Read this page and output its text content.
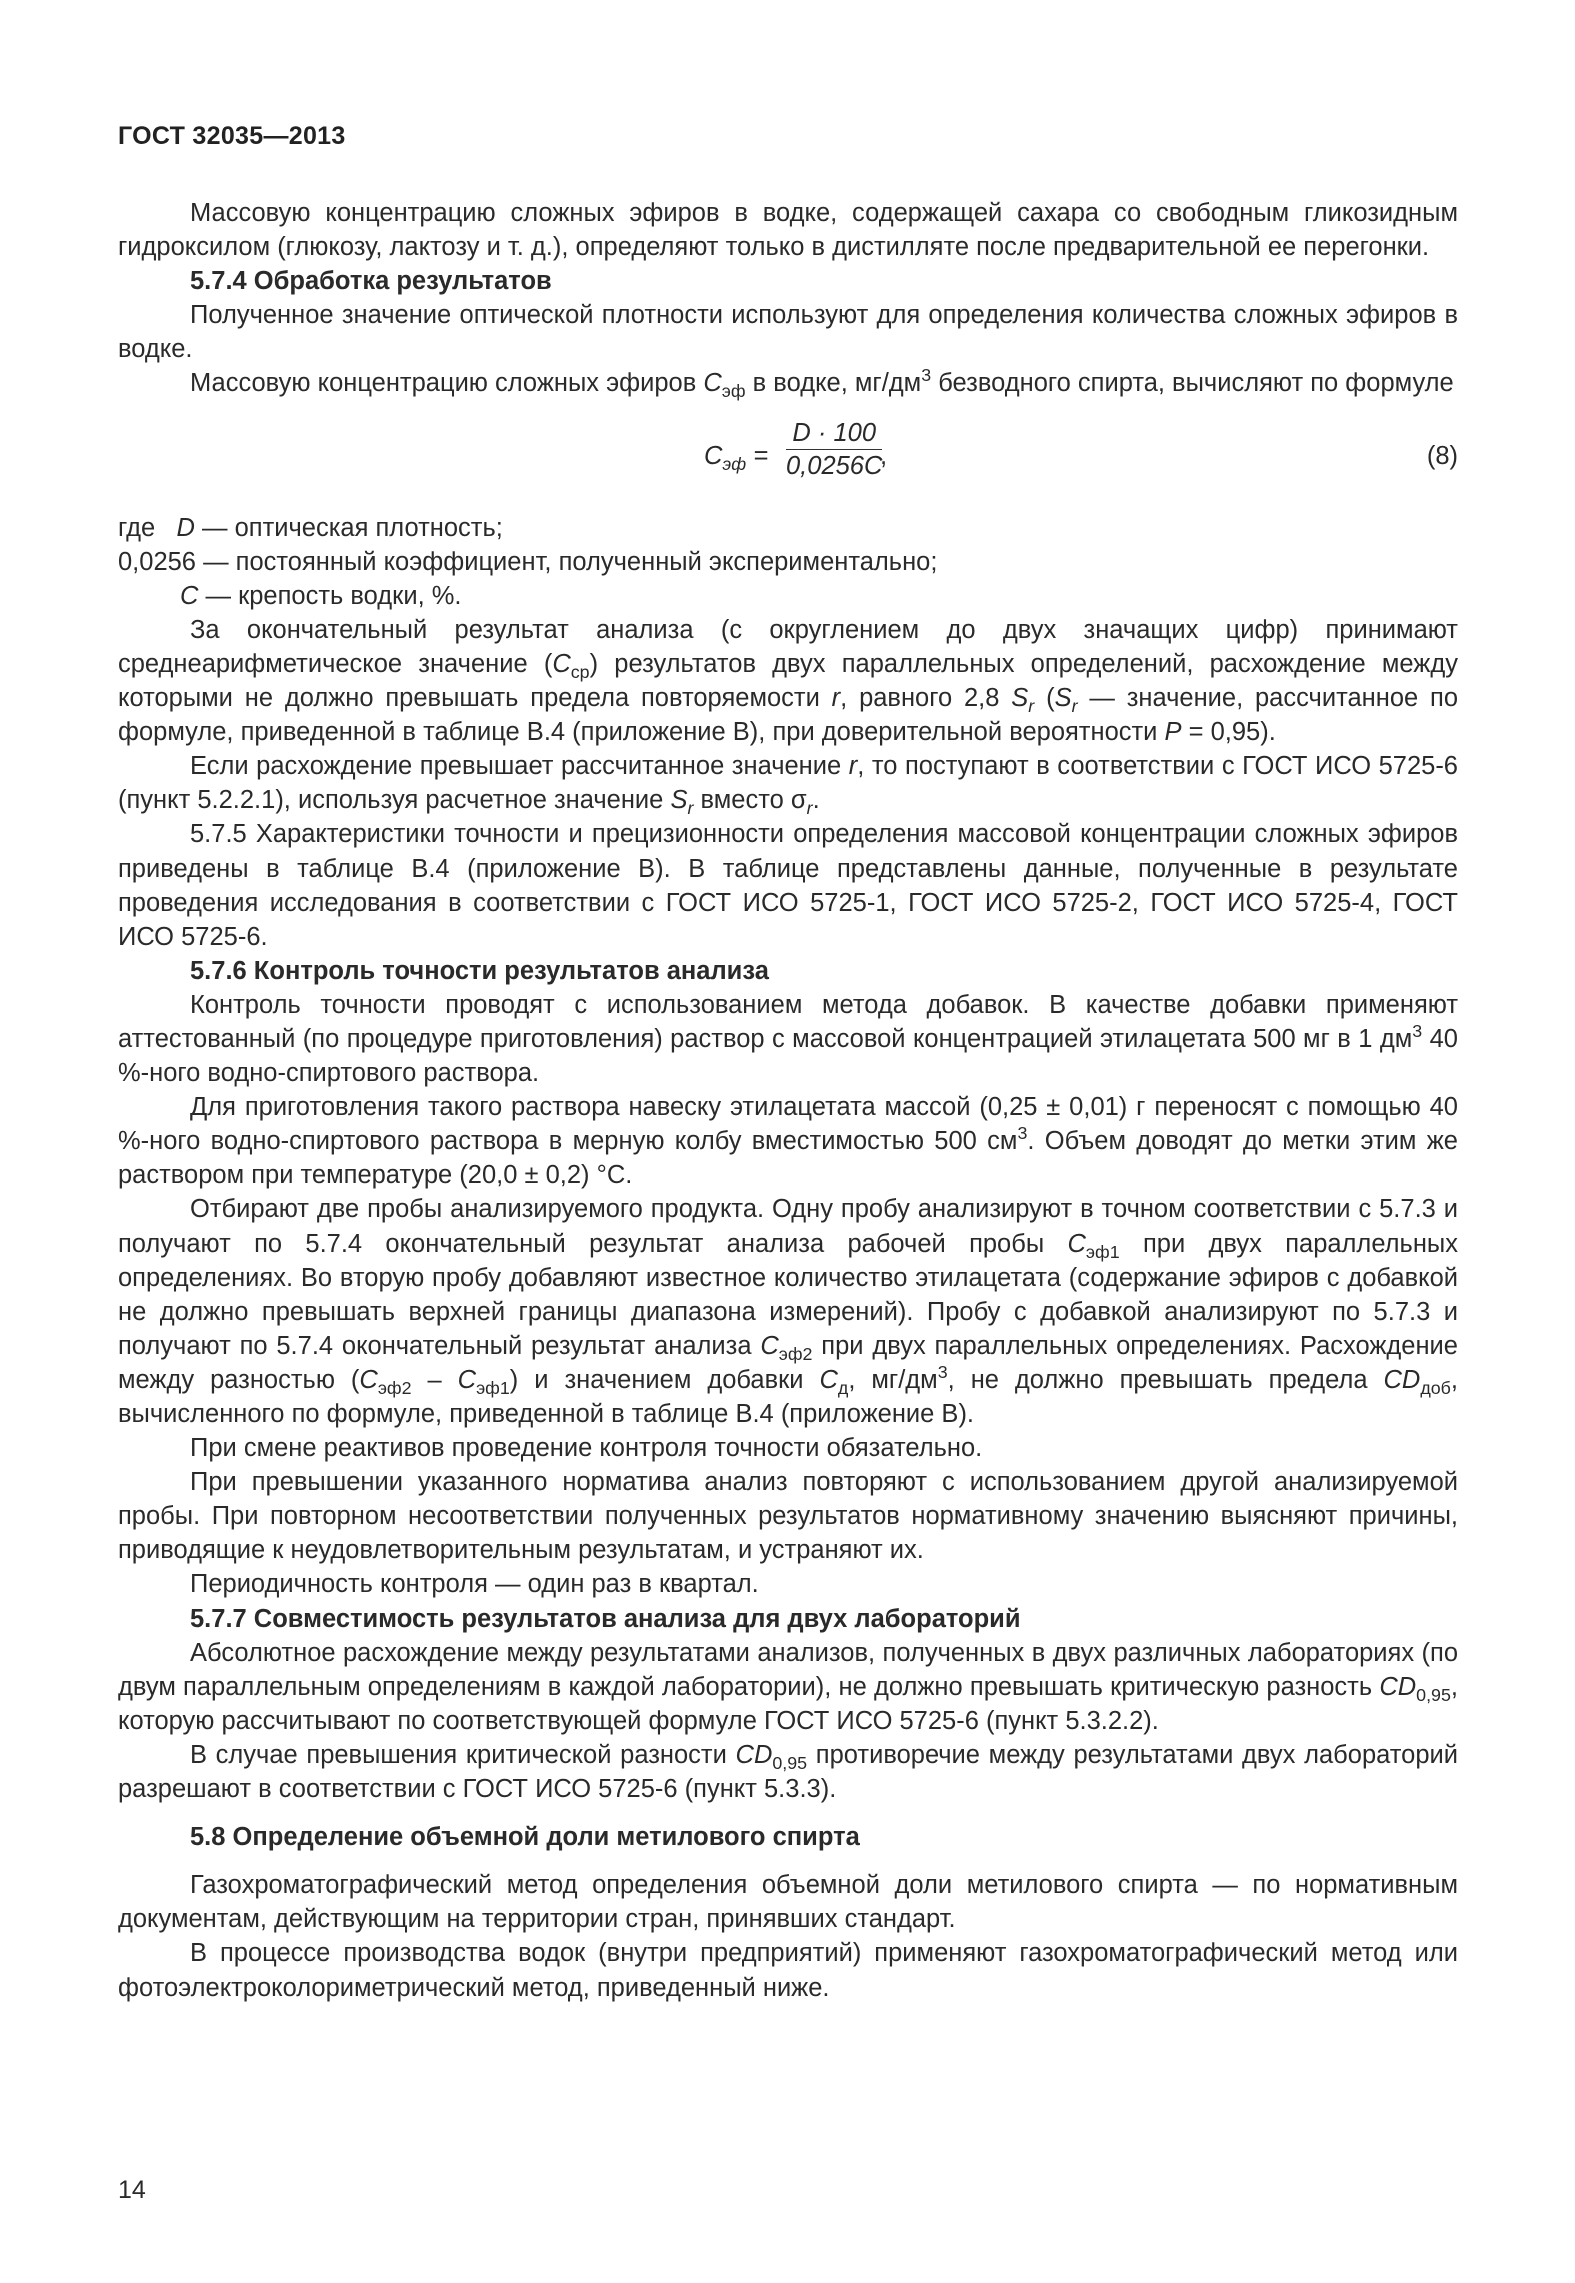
ГОСТ 32035—2013

Массовую концентрацию сложных эфиров в водке, содержащей сахара со свободным гликозидным гидроксилом (глюкозу, лактозу и т. д.), определяют только в дистилляте после предварительной ее перегонки.

5.7.4 Обработка результатов

Полученное значение оптической плотности используют для определения количества сложных эфиров в водке.

Массовую концентрацию сложных эфиров $C_{эф}$ в водке, $мг/дм^3$ безводного спирта, вычисляют по формуле

$C_{эф} = \frac{D \cdot 100}{0,0256C}$
,	(8)

где D — оптическая плотность;

0,0256 — постоянный коэффициент, полученный экспериментально;

C — крепость водки, %.

За окончательный результат анализа (с округлением до двух значащих цифр) принимают среднеарифметическое значение $(C_{ср})$ результатов двух параллельных определений, расхождение между которыми не должно превышать предела повторяемости r, равного 2,8 $S_r$ ($S_r$ — значение, рассчитанное по формуле, приведенной в таблице В.4 (приложение В), при доверительной вероятности P = 0,95).

Если расхождение превышает рассчитанное значение r, то поступают в соответствии с ГОСТ ИСО 5725-6 (пункт 5.2.2.1), используя расчетное значение $S_r$ вместо $\sigma_r$.

5.7.5 Характеристики точности и прецизионности определения массовой концентрации сложных эфиров приведены в таблице В.4 (приложение В). В таблице представлены данные, полученные в результате проведения исследования в соответствии с ГОСТ ИСО 5725-1, ГОСТ ИСО 5725-2, ГОСТ ИСО 5725-4, ГОСТ ИСО 5725-6.

5.7.6 Контроль точности результатов анализа

Контроль точности проводят с использованием метода добавок. В качестве добавки применяют аттестованный (по процедуре приготовления) раствор с массовой концентрацией этилацетата 500 мг в 1 $дм^3$ 40 %-ного водно-спиртового раствора.

Для приготовления такого раствора навеску этилацетата массой (0,25 ± 0,01) г переносят с помощью 40 %-ного водно-спиртового раствора в мерную колбу вместимостью 500 $см^3$. Объем доводят до метки этим же раствором при температуре (20,0 ± 0,2) °С.

Отбирают две пробы анализируемого продукта. Одну пробу анализируют в точном соответствии с 5.7.3 и получают по 5.7.4 окончательный результат анализа рабочей пробы $C_{эф1}$ при двух параллельных определениях. Во вторую пробу добавляют известное количество этилацетата (содержание эфиров с добавкой не должно превышать верхней границы диапазона измерений). Пробу с добавкой анализируют по 5.7.3 и получают по 5.7.4 окончательный результат анализа $C_{эф2}$ при двух параллельных определениях. Расхождение между разностью $(C_{эф2} - C_{эф1})$ и значением добавки $C_д$, $мг/дм^3$, не должно превышать предела $CD_{доб}$, вычисленного по формуле, приведенной в таблице В.4 (приложение В).

При смене реактивов проведение контроля точности обязательно.

При превышении указанного норматива анализ повторяют с использованием другой анализируемой пробы. При повторном несоответствии полученных результатов нормативному значению выясняют причины, приводящие к неудовлетворительным результатам, и устраняют их.

Периодичность контроля — один раз в квартал.

5.7.7 Совместимость результатов анализа для двух лабораторий

Абсолютное расхождение между результатами анализов, полученных в двух различных лабораториях (по двум параллельным определениям в каждой лаборатории), не должно превышать критическую разность $CD_{0,95}$, которую рассчитывают по соответствующей формуле ГОСТ ИСО 5725-6 (пункт 5.3.2.2).

В случае превышения критической разности $CD_{0,95}$ противоречие между результатами двух лабораторий разрешают в соответствии с ГОСТ ИСО 5725-6 (пункт 5.3.3).

5.8 Определение объемной доли метилового спирта

Газохроматографический метод определения объемной доли метилового спирта — по нормативным документам, действующим на территории стран, принявших стандарт.

В процессе производства водок (внутри предприятий) применяют газохроматографический метод или фотоэлектроколориметрический метод, приведенный ниже.

14
